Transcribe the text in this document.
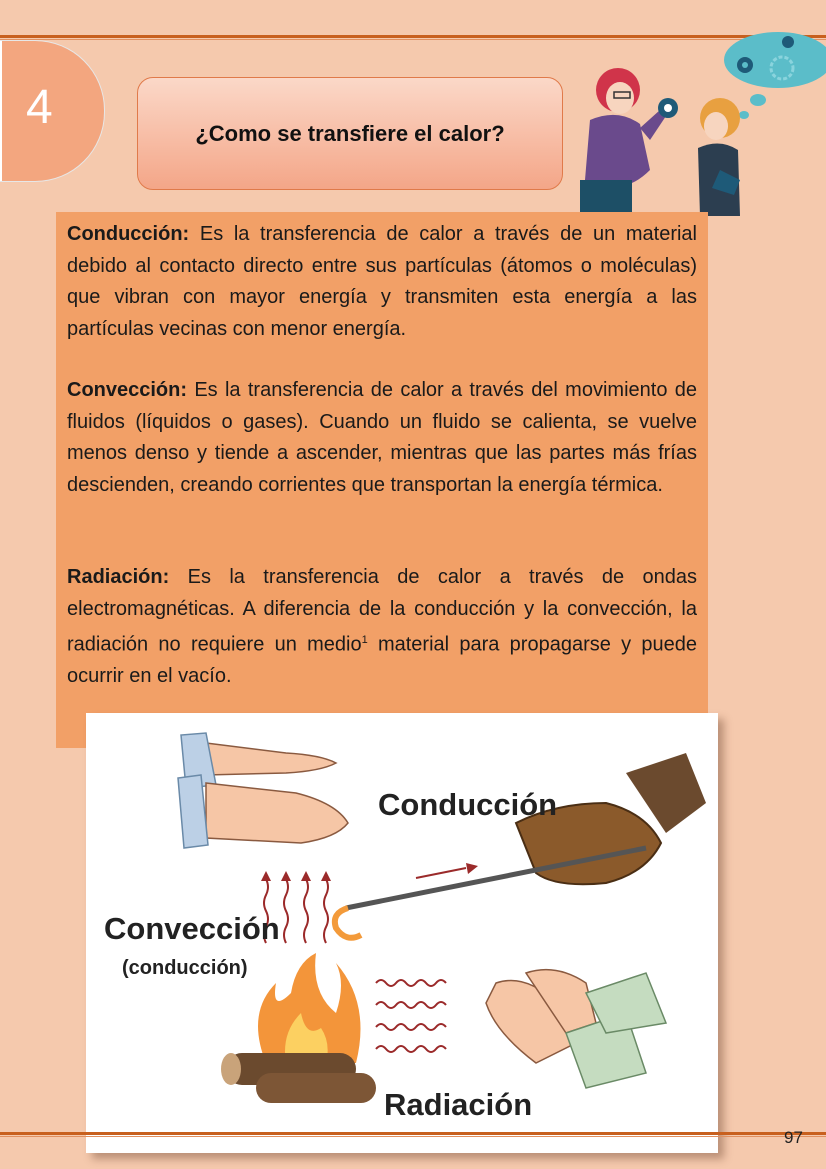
4	¿Como se transfiere el calor?

Conducción: Es la transferencia de calor a través de un material debido al contacto directo entre sus partículas (átomos o moléculas) que vibran con mayor energía y transmiten esta energía a las partículas vecinas con menor energía.

Convección: Es la transferencia de calor a través del movimiento de fluidos (líquidos o gases). Cuando un fluido se calienta, se vuelve menos denso y tiende a ascender, mientras que las partes más frías descienden, creando corrientes que transportan la energía térmica.

Radiación: Es la transferencia de calor a través de ondas electromagnéticas. A diferencia de la conducción y la convección, la radiación no requiere un medio$^1$ material para propagarse y puede ocurrir en el vacío.

Conducción
Convección
(conducción)
Radiación
97
